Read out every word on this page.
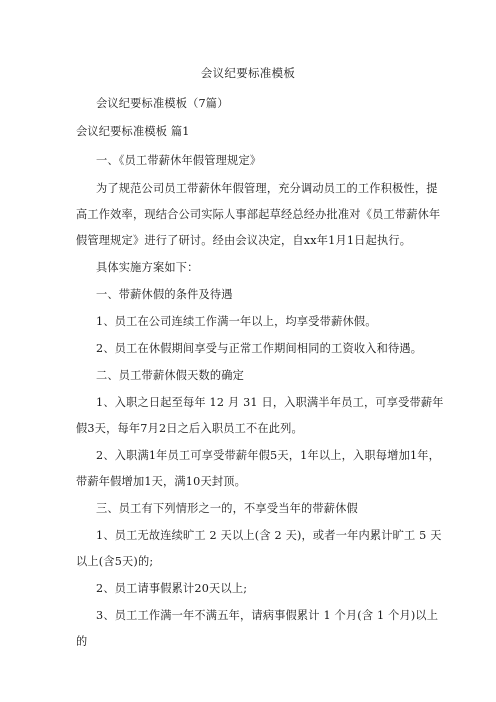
会议纪要标准模板
会议纪要标准模板（7篇）
会议纪要标准模板 篇1
一、《员工带薪休年假管理规定》
为了规范公司员工带薪休年假管理，充分调动员工的工作积极性，提
高工作效率，现结合公司实际人事部起草经总经办批准对《员工带薪休年
假管理规定》进行了研讨。经由会议决定，自xx年1月1日起执行。
具体实施方案如下：
一、带薪休假的条件及待遇
1、员工在公司连续工作满一年以上，均享受带薪休假。
2、员工在休假期间享受与正常工作期间相同的工资收入和待遇。
二、员工带薪休假天数的确定
1、入职之日起至每年 12 月 31 日，入职满半年员工，可享受带薪年
假3天，每年7月2日之后入职员工不在此列。
2、入职满1年员工可享受带薪年假5天，1年以上，入职每增加1年，
带薪年假增加1天，满10天封顶。
三、员工有下列情形之一的，不享受当年的带薪休假
1、员工无故连续旷工 2 天以上(含 2 天)，或者一年内累计旷工 5 天
以上(含5天)的;
2、员工请事假累计20天以上;
3、员工工作满一年不满五年，请病事假累计 1 个月(含 1 个月)以上
的
